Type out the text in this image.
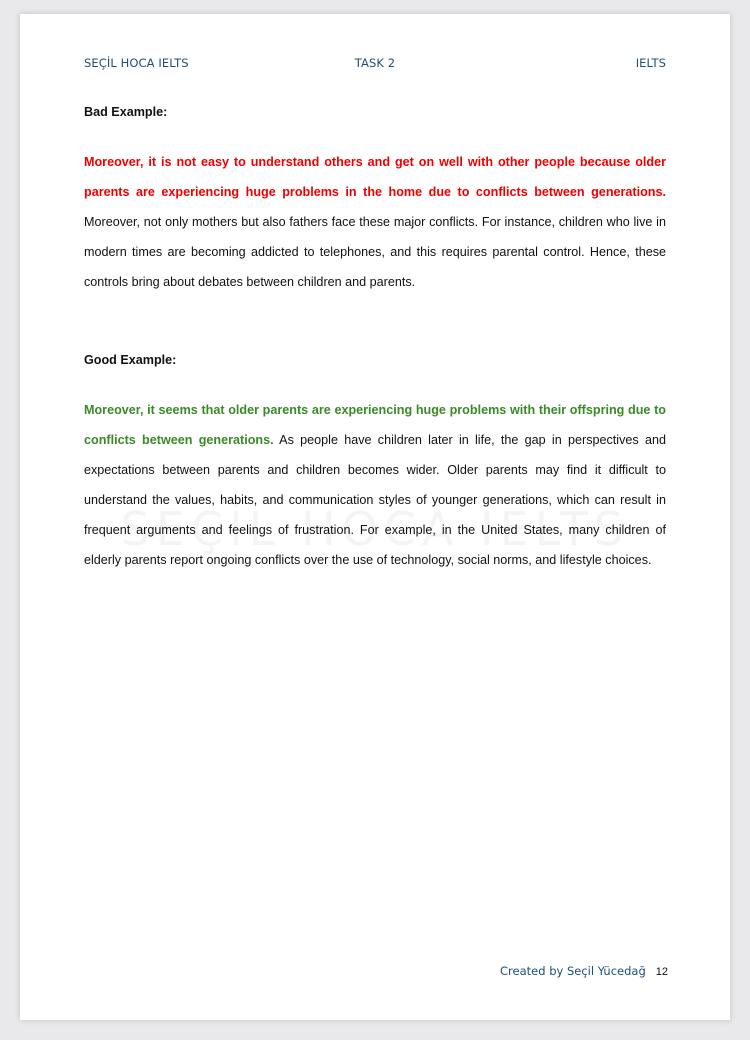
SEÇİL HOCA IELTS	TASK 2	IELTS

Bad Example:

Moreover, it is not easy to understand others and get on well with other people because older parents are experiencing huge problems in the home due to conflicts between generations. Moreover, not only mothers but also fathers face these major conflicts. For instance, children who live in modern times are becoming addicted to telephones, and this requires parental control. Hence, these controls bring about debates between children and parents.

Good Example:

Moreover, it seems that older parents are experiencing huge problems with their offspring due to conflicts between generations. As people have children later in life, the gap in perspectives and expectations between parents and children becomes wider. Older parents may find it difficult to understand the values, habits, and communication styles of younger generations, which can result in frequent arguments and feelings of frustration. For example, in the United States, many children of elderly parents report ongoing conflicts over the use of technology, social norms, and lifestyle choices.

Created by Seçil Yücedağ 12
